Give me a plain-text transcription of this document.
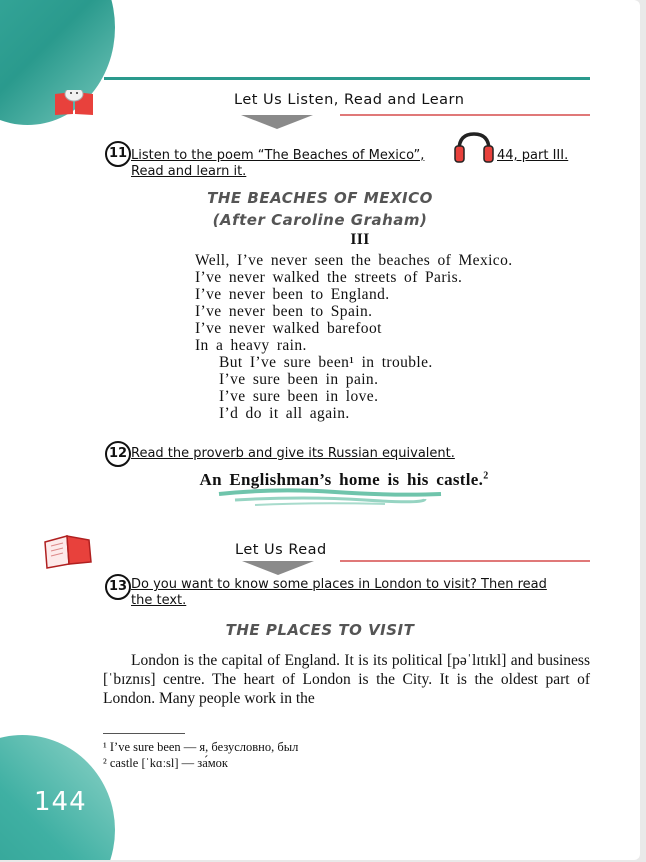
Let Us Listen, Read and Learn
11 Listen to the poem “The Beaches of Mexico”,	44, part III.
Read and learn it.
THE BEACHES OF MEXICO
(After Caroline Graham)
III
Well, I’ve never seen the beaches of Mexico.
I’ve never walked the streets of Paris.
I’ve never been to England.
I’ve never been to Spain.
I’ve never walked barefoot
In a heavy rain.
But I’ve sure been¹ in trouble.
I’ve sure been in pain.
I’ve sure been in love.
I’d do it all again.
12 Read the proverb and give its Russian equivalent.
An Englishman’s home is his castle.$^2$
Let Us Read
13 Do you want to know some places in London to visit? Then read
the text.
THE PLACES TO VISIT
London is the capital of England. It is its political [pəˈlɪtɪkl] and business [ˈbɪznɪs] centre. The heart of London is the City. It is the oldest part of London. Many people work in the
¹ I’ve sure been — я, безусловно, был
² castle [ˈkɑːsl] — за́мок
144
